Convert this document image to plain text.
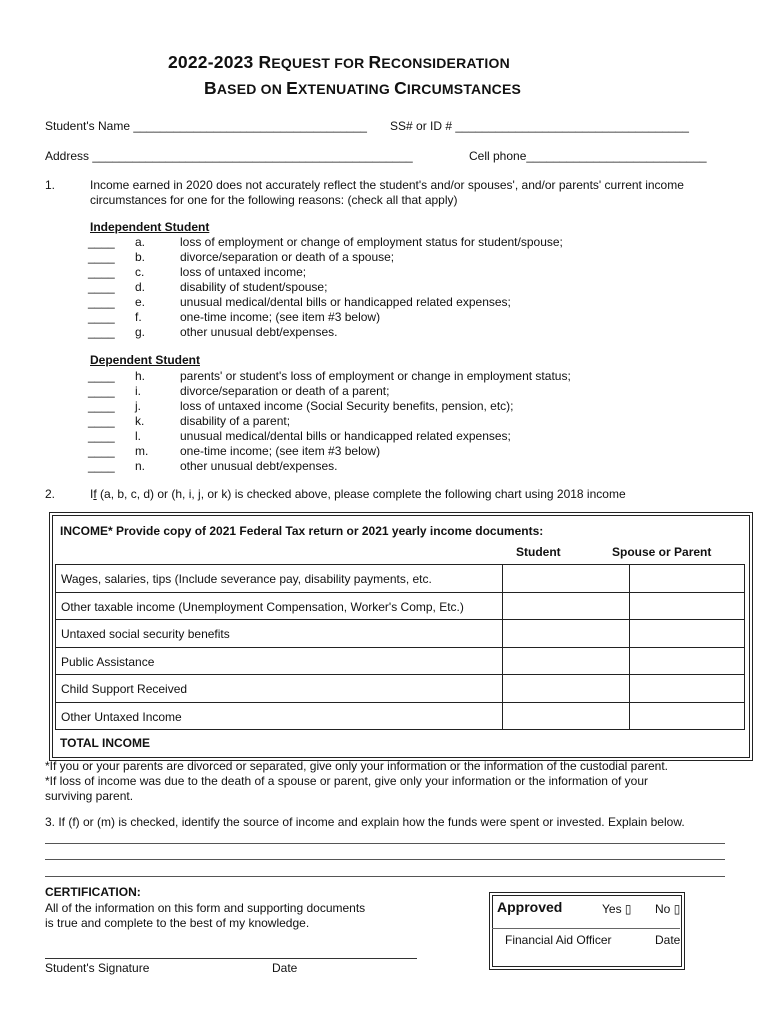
2022-2023 REQUEST FOR RECONSIDERATION
BASED ON EXTENUATING CIRCUMSTANCES
Student's Name ___________________________________ SS# or ID # ___________________________________
Address ________________________________________________	Cell phone___________________________
1.	Income earned in 2020 does not accurately reflect the student's and/or spouses', and/or parents' current income
circumstances for one for the following reasons: (check all that apply)
Independent Student
____ a.	loss of employment or change of employment status for student/spouse;
____ b.	divorce/separation or death of a spouse;
____ c.	loss of untaxed income;
____ d.	disability of student/spouse;
____ e.	unusual medical/dental bills or handicapped related expenses;
____ f.	one-time income; (see item #3 below)
____ g.	other unusual debt/expenses.
Dependent Student
____ h.	parents' or student's loss of employment or change in employment status;
____ i.	divorce/separation or death of a parent;
____ j.	loss of untaxed income (Social Security benefits, pension, etc);
____ k.	disability of a parent;
____ l.	unusual medical/dental bills or handicapped related expenses;
____ m.	one-time income; (see item #3 below)
____ n.	other unusual debt/expenses.
2.	If (a, b, c, d) or (h, i, j, or k) is checked above, please complete the following chart using 2018 income
INCOME* Provide copy of 2021 Federal Tax return or 2021 yearly income documents:
Student	Spouse or Parent
Wages, salaries, tips (Include severance pay, disability payments, etc.
Other taxable income (Unemployment Compensation, Worker's Comp, Etc.)
Untaxed social security benefits
Public Assistance
Child Support Received
Other Untaxed Income
TOTAL INCOME
*If you or your parents are divorced or separated, give only your information or the information of the custodial parent.
*If loss of income was due to the death of a spouse or parent, give only your information or the information of your
surviving parent.
3. If (f) or (m) is checked, identify the source of income and explain how the funds were spent or invested. Explain below.
CERTIFICATION:
All of the information on this form and supporting documents
is true and complete to the best of my knowledge.
Student's Signature	Date
Approved	Yes ▯ No ▯
Financial Aid Officer	Date
